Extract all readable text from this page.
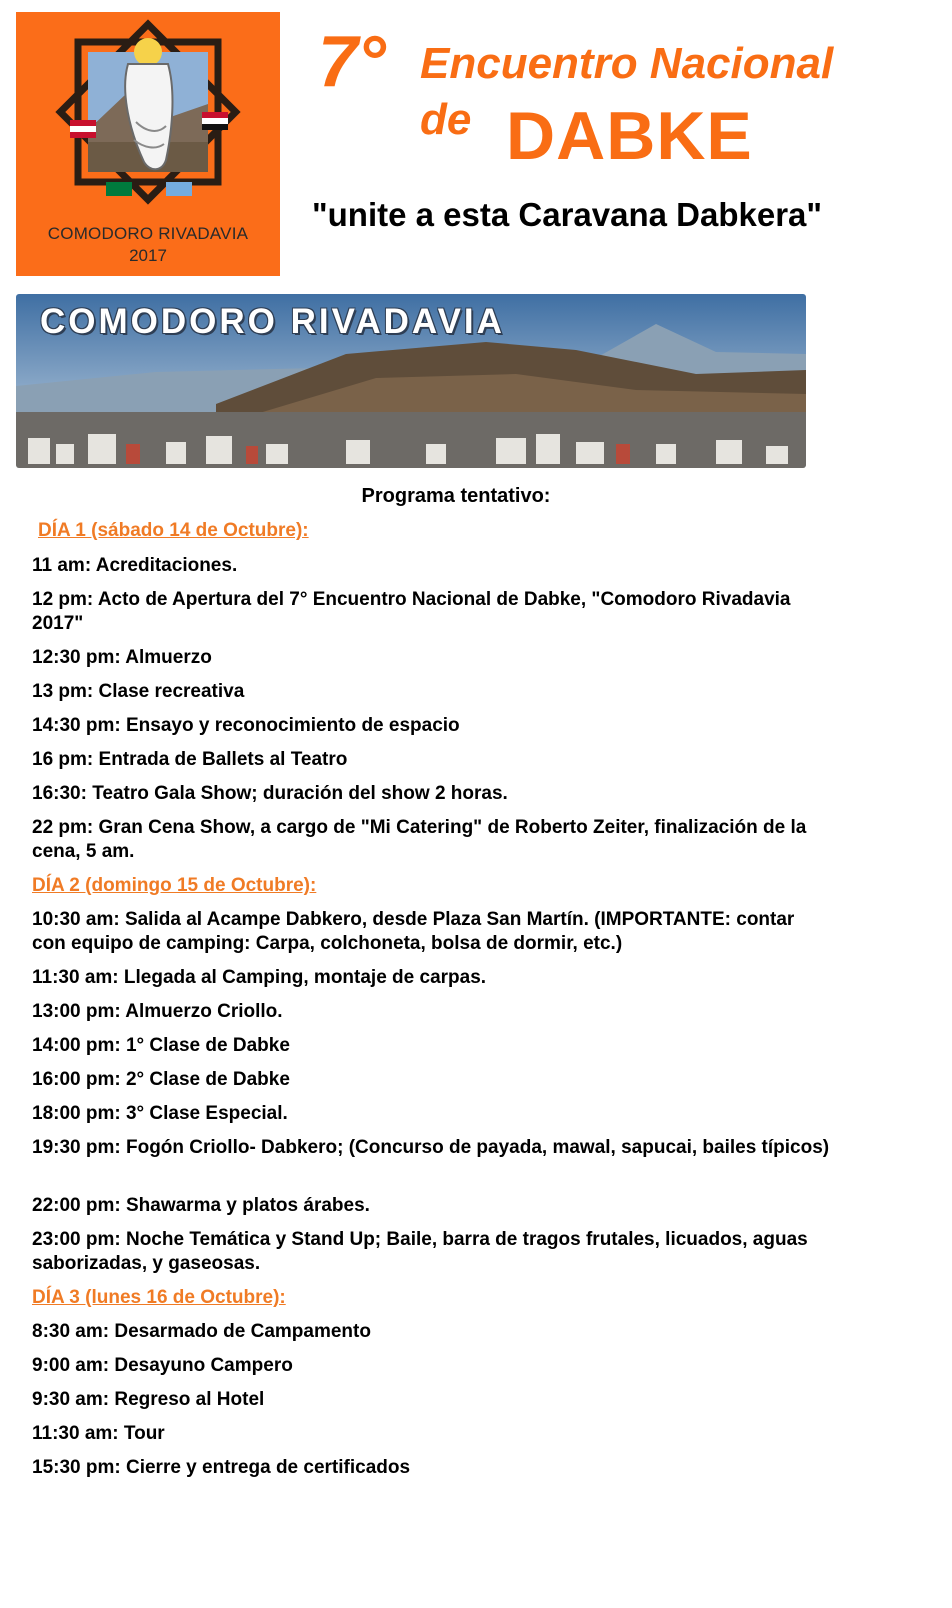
COMODORO RIVADAVIA
2017
7° Encuentro Nacional
de DABKE
"unite a esta Caravana Dabkera"
COMODORO RIVADAVIA
Programa tentativo:
DÍA 1 (sábado 14 de Octubre):
11 am: Acreditaciones.
12 pm: Acto de Apertura del 7° Encuentro Nacional de Dabke, "Comodoro Rivadavia 2017"
12:30 pm: Almuerzo
13 pm: Clase recreativa
14:30 pm: Ensayo y reconocimiento de espacio
16 pm: Entrada de Ballets al Teatro
16:30: Teatro Gala Show; duración del show 2 horas.
22 pm: Gran Cena Show, a cargo de "Mi Catering" de Roberto Zeiter, finalización de la cena, 5 am.
DÍA 2 (domingo 15 de Octubre):
10:30 am: Salida al Acampe Dabkero, desde Plaza San Martín. (IMPORTANTE: contar con equipo de camping: Carpa, colchoneta, bolsa de dormir, etc.)
11:30 am: Llegada al Camping, montaje de carpas.
13:00 pm: Almuerzo Criollo.
14:00 pm: 1° Clase de Dabke
16:00 pm: 2° Clase de Dabke
18:00 pm: 3° Clase Especial.
19:30 pm: Fogón Criollo- Dabkero; (Concurso de payada, mawal, sapucai, bailes típicos)
22:00 pm: Shawarma y platos árabes.
23:00 pm: Noche Temática y Stand Up; Baile, barra de tragos frutales, licuados, aguas saborizadas, y gaseosas.
DÍA 3 (lunes 16 de Octubre):
8:30 am: Desarmado de Campamento
9:00 am: Desayuno Campero
9:30 am: Regreso al Hotel
11:30 am: Tour
15:30 pm: Cierre y entrega de certificados
